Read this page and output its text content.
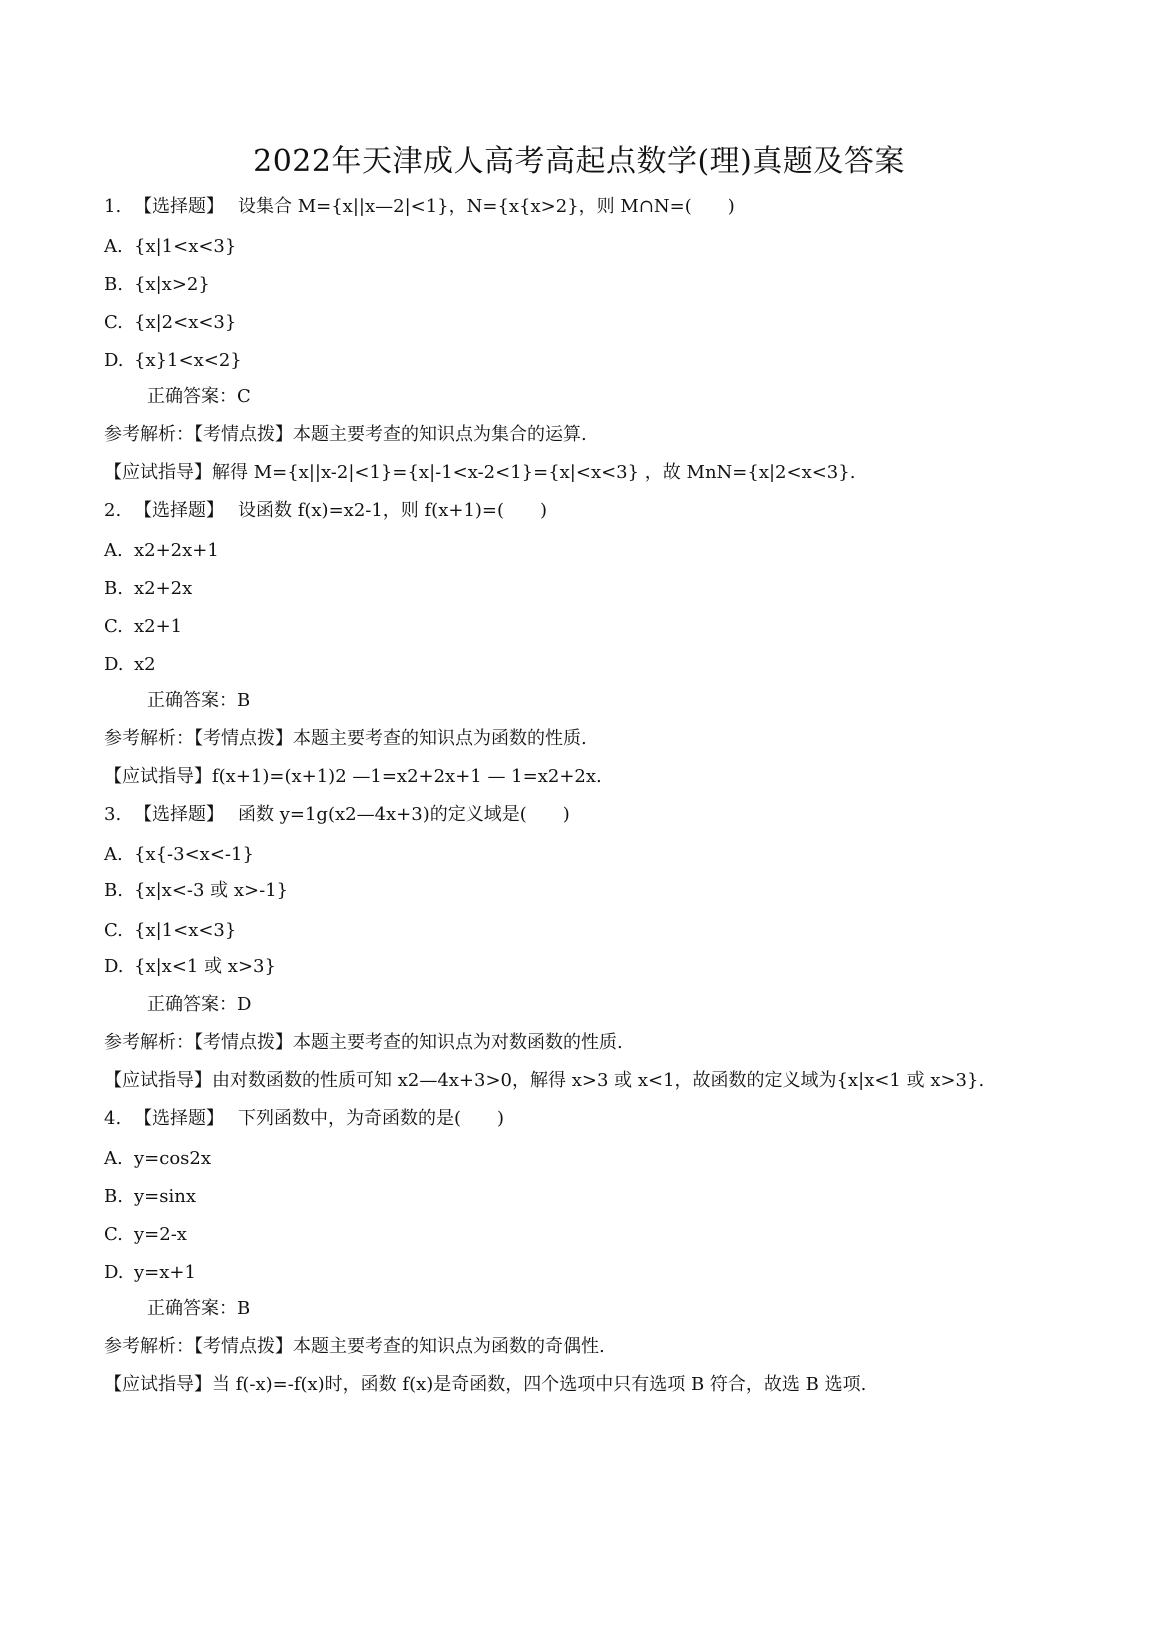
2022年天津成人高考高起点数学(理)真题及答案
1. 【选择题】 设集合 M={x||x—2|<1}，N={x{x>2}，则 M∩N=(　　)
A. {x|1<x<3}
B. {x|x>2}
C. {x|2<x<3}
D. {x}1<x<2}
正确答案：C
参考解析：【考情点拨】本题主要考查的知识点为集合的运算.
【应试指导】解得 M={x||x-2|<1}={x|-1<x-2<1}={x|<x<3} ，故 MnN={x|2<x<3}.
2. 【选择题】 设函数 f(x)=x2-1，则 f(x+1)=(　　)
A. x2+2x+1
B. x2+2x
C. x2+1
D. x2
正确答案：B
参考解析：【考情点拨】本题主要考查的知识点为函数的性质.
【应试指导】f(x+1)=(x+1)2 —1=x2+2x+1 — 1=x2+2x.
3. 【选择题】 函数 y=1g(x2—4x+3)的定义域是(　　)
A. {x{-3<x<-1}
B. {x|x<-3 或 x>-1}
C. {x|1<x<3}
D. {x|x<1 或 x>3}
正确答案：D
参考解析：【考情点拨】本题主要考查的知识点为对数函数的性质.
【应试指导】由对数函数的性质可知 x2—4x+3>0，解得 x>3 或 x<1，故函数的定义域为{x|x<1 或 x>3}.
4. 【选择题】 下列函数中，为奇函数的是(　　)
A. y=cos2x
B. y=sinx
C. y=2-x
D. y=x+1
正确答案：B
参考解析：【考情点拨】本题主要考查的知识点为函数的奇偶性.
【应试指导】当 f(-x)=-f(x)时，函数 f(x)是奇函数，四个选项中只有选项 B 符合，故选 B 选项.
